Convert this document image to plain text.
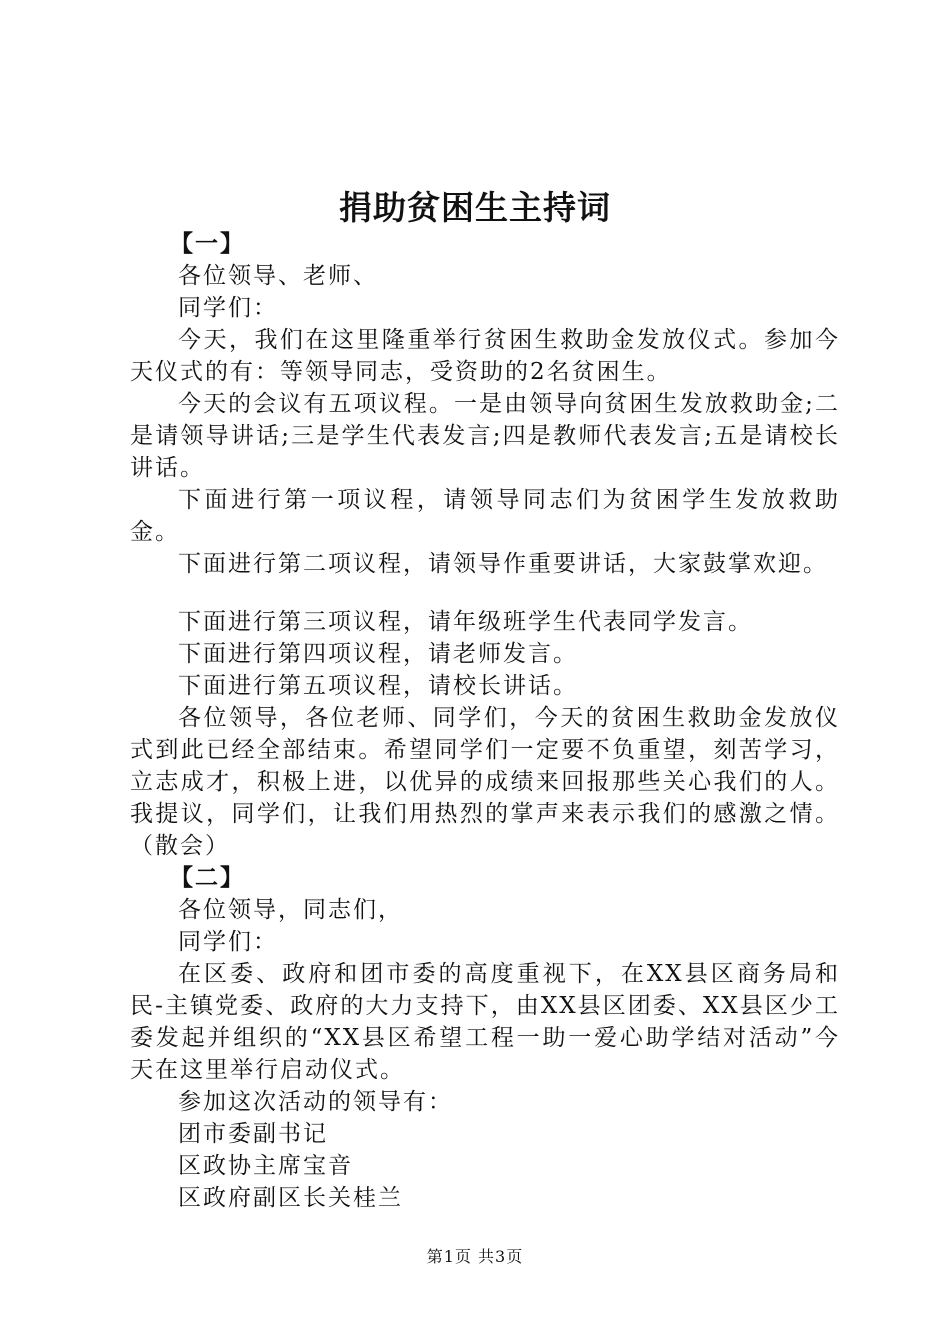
捐助贫困生主持词

【一】

各位领导、老师、

同学们：

今天，我们在这里隆重举行贫困生救助金发放仪式。参加今天仪式的有：等领导同志，受资助的2名贫困生。

今天的会议有五项议程。一是由领导向贫困生发放救助金;二是请领导讲话;三是学生代表发言;四是教师代表发言;五是请校长讲话。

下面进行第一项议程，请领导同志们为贫困学生发放救助金。

下面进行第二项议程，请领导作重要讲话，大家鼓掌欢迎。

下面进行第三项议程，请年级班学生代表同学发言。

下面进行第四项议程，请老师发言。

下面进行第五项议程，请校长讲话。

各位领导，各位老师、同学们，今天的贫困生救助金发放仪式到此已经全部结束。希望同学们一定要不负重望，刻苦学习，立志成才，积极上进，以优异的成绩来回报那些关心我们的人。我提议，同学们，让我们用热烈的掌声来表示我们的感激之情。（散会）

【二】

各位领导，同志们，

同学们：

在区委、政府和团市委的高度重视下，在XX县区商务局和民-主镇党委、政府的大力支持下，由XX县区团委、XX县区少工委发起并组织的“XX县区希望工程一助一爱心助学结对活动”今天在这里举行启动仪式。

参加这次活动的领导有：

团市委副书记

区政协主席宝音

区政府副区长关桂兰

第1页 共3页
